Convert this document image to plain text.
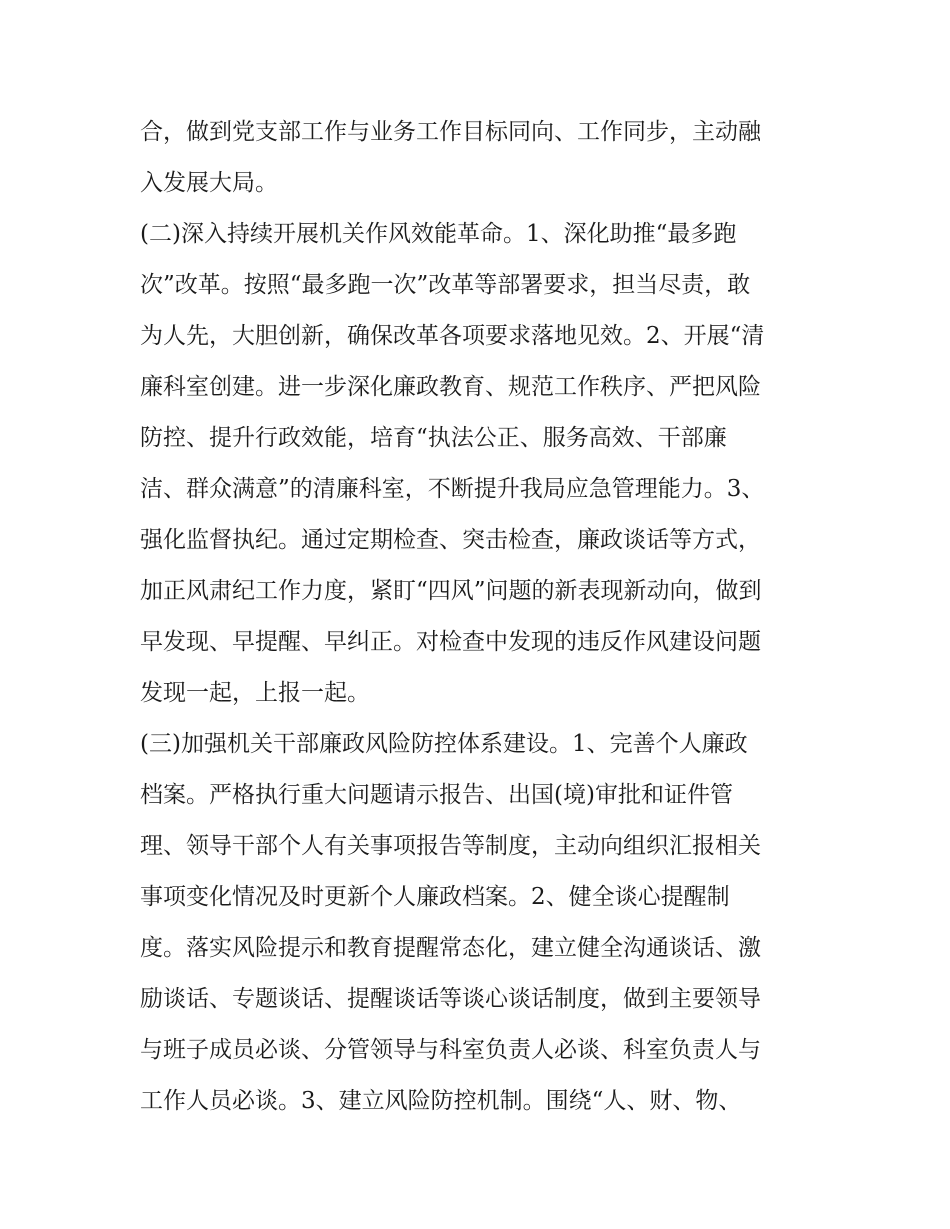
合，做到党支部工作与业务工作目标同向、工作同步，主动融
入发展大局。
(二)深入持续开展机关作风效能革命。1、深化助推“最多跑
次”改革。按照“最多跑一次”改革等部署要求，担当尽责，敢
为人先，大胆创新，确保改革各项要求落地见效。2、开展“清
廉科室创建。进一步深化廉政教育、规范工作秩序、严把风险
防控、提升行政效能，培育“执法公正、服务高效、干部廉
洁、群众满意”的清廉科室，不断提升我局应急管理能力。3、
强化监督执纪。通过定期检查、突击检查，廉政谈话等方式，
加正风肃纪工作力度，紧盯“四风”问题的新表现新动向，做到
早发现、早提醒、早纠正。对检查中发现的违反作风建设问题
发现一起，上报一起。
(三)加强机关干部廉政风险防控体系建设。1、完善个人廉政
档案。严格执行重大问题请示报告、出国(境)审批和证件管
理、领导干部个人有关事项报告等制度，主动向组织汇报相关
事项变化情况及时更新个人廉政档案。2、健全谈心提醒制
度。落实风险提示和教育提醒常态化，建立健全沟通谈话、激
励谈话、专题谈话、提醒谈话等谈心谈话制度，做到主要领导
与班子成员必谈、分管领导与科室负责人必谈、科室负责人与
工作人员必谈。3、建立风险防控机制。围绕“人、财、物、
